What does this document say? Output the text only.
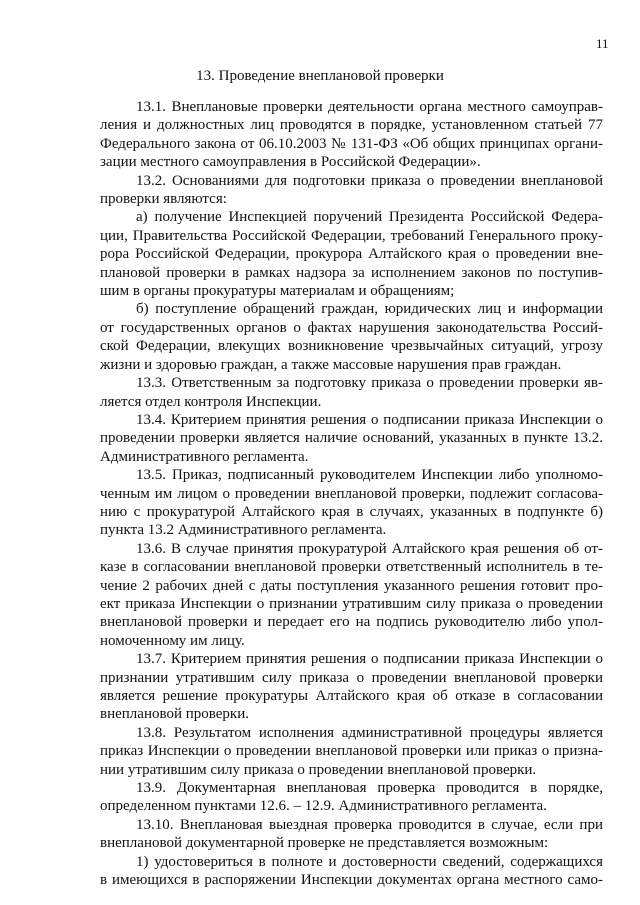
11
13. Проведение внеплановой проверки

13.1. Внеплановые проверки деятельности органа местного самоуправ-
ления и должностных лиц проводятся в порядке, установленном статьей 77
Федерального закона от 06.10.2003 № 131-ФЗ «Об общих принципах органи-
зации местного самоуправления в Российской Федерации».

13.2. Основаниями для подготовки приказа о проведении внеплановой
проверки являются:

а) получение Инспекцией поручений Президента Российской Федера-
ции, Правительства Российской Федерации, требований Генерального проку-
рора Российской Федерации, прокурора Алтайского края о проведении вне-
плановой проверки в рамках надзора за исполнением законов по поступив-
шим в органы прокуратуры материалам и обращениям;

б) поступление обращений граждан, юридических лиц и информации
от государственных органов о фактах нарушения законодательства Россий-
ской Федерации, влекущих возникновение чрезвычайных ситуаций, угрозу
жизни и здоровью граждан, а также массовые нарушения прав граждан.

13.3. Ответственным за подготовку приказа о проведении проверки яв-
ляется отдел контроля Инспекции.

13.4. Критерием принятия решения о подписании приказа Инспекции о
проведении проверки является наличие оснований, указанных в пункте 13.2.
Административного регламента.

13.5. Приказ, подписанный руководителем Инспекции либо уполномо-
ченным им лицом о проведении внеплановой проверки, подлежит согласова-
нию с прокуратурой Алтайского края в случаях, указанных в подпункте б)
пункта 13.2 Административного регламента.

13.6. В случае принятия прокуратурой Алтайского края решения об от-
казе в согласовании внеплановой проверки ответственный исполнитель в те-
чение 2 рабочих дней с даты поступления указанного решения готовит про-
ект приказа Инспекции о признании утратившим силу приказа о проведении
внеплановой проверки и передает его на подпись руководителю либо упол-
номоченному им лицу.

13.7. Критерием принятия решения о подписании приказа Инспекции о
признании утратившим силу приказа о проведении внеплановой проверки
является решение прокуратуры Алтайского края об отказе в согласовании
внеплановой проверки.

13.8. Результатом исполнения административной процедуры является
приказ Инспекции о проведении внеплановой проверки или приказ о призна-
нии утратившим силу приказа о проведении внеплановой проверки.

13.9. Документарная внеплановая проверка проводится в порядке,
определенном пунктами 12.6. – 12.9. Административного регламента.

13.10. Внеплановая выездная проверка проводится в случае, если при
внеплановой документарной проверке не представляется возможным:

1) удостовериться в полноте и достоверности сведений, содержащихся
в имеющихся в распоряжении Инспекции документах органа местного само-
